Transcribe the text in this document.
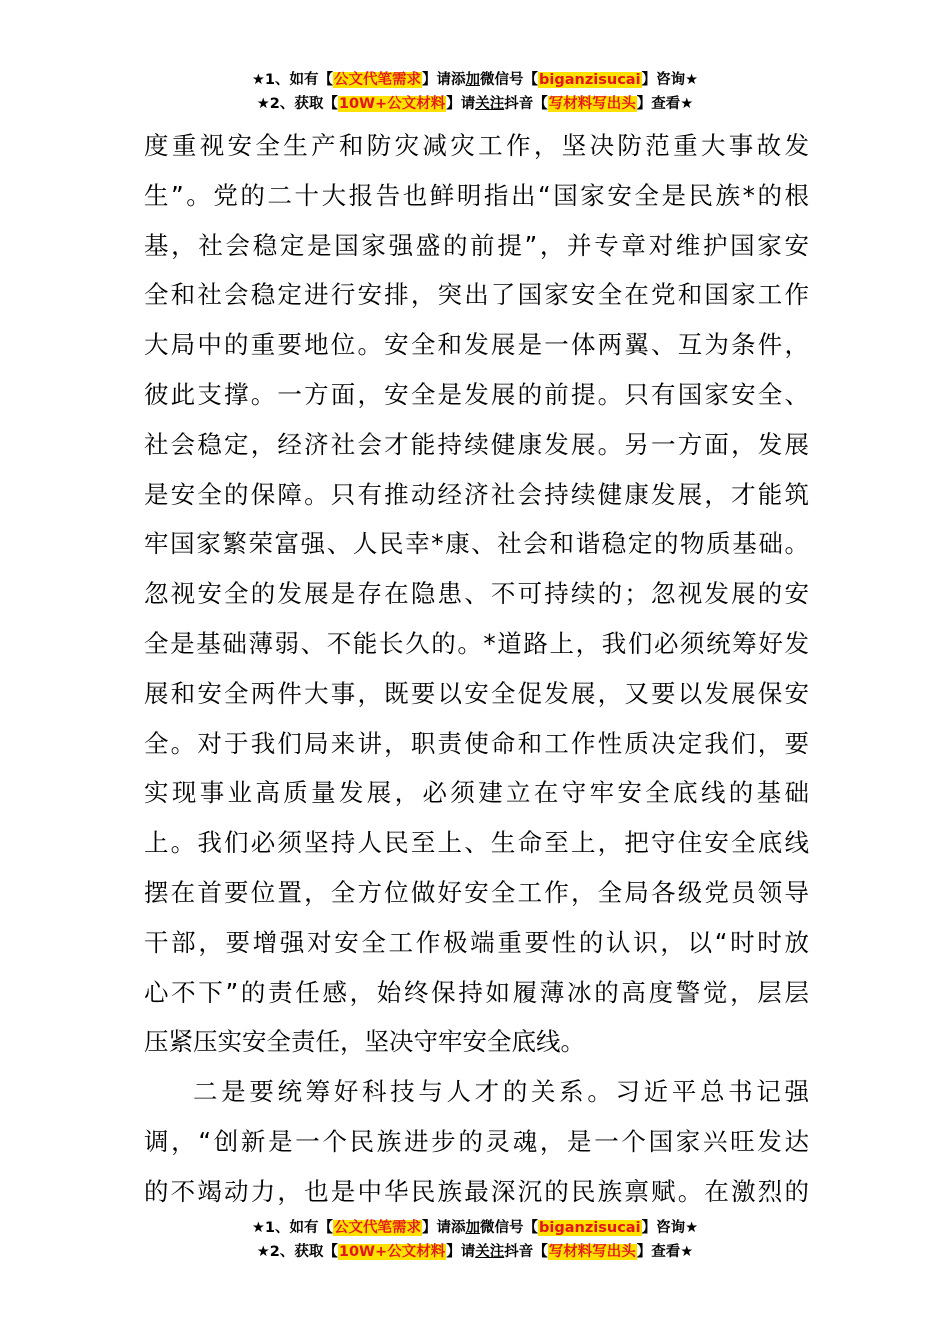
★1、如有【公文代笔需求】请添加微信号【biganzisucai】咨询★
★2、获取【10W+公文材料】请关注抖音【写材料写出头】查看★
度重视安全生产和防灾减灾工作，坚决防范重大事故发
生”。党的二十大报告也鲜明指出“国家安全是民族*的根
基，社会稳定是国家强盛的前提”，并专章对维护国家安
全和社会稳定进行安排，突出了国家安全在党和国家工作
大局中的重要地位。安全和发展是一体两翼、互为条件，
彼此支撑。一方面，安全是发展的前提。只有国家安全、
社会稳定，经济社会才能持续健康发展。另一方面，发展
是安全的保障。只有推动经济社会持续健康发展，才能筑
牢国家繁荣富强、人民幸*康、社会和谐稳定的物质基础。
忽视安全的发展是存在隐患、不可持续的；忽视发展的安
全是基础薄弱、不能长久的。*道路上，我们必须统筹好发
展和安全两件大事，既要以安全促发展，又要以发展保安
全。对于我们局来讲，职责使命和工作性质决定我们，要
实现事业高质量发展，必须建立在守牢安全底线的基础
上。我们必须坚持人民至上、生命至上，把守住安全底线
摆在首要位置，全方位做好安全工作，全局各级党员领导
干部，要增强对安全工作极端重要性的认识，以“时时放
心不下”的责任感，始终保持如履薄冰的高度警觉，层层
压紧压实安全责任，坚决守牢安全底线。
二是要统筹好科技与人才的关系。习近平总书记强
调，“创新是一个民族进步的灵魂，是一个国家兴旺发达
的不竭动力，也是中华民族最深沉的民族禀赋。在激烈的
★1、如有【公文代笔需求】请添加微信号【biganzisucai】咨询★
★2、获取【10W+公文材料】请关注抖音【写材料写出头】查看★
